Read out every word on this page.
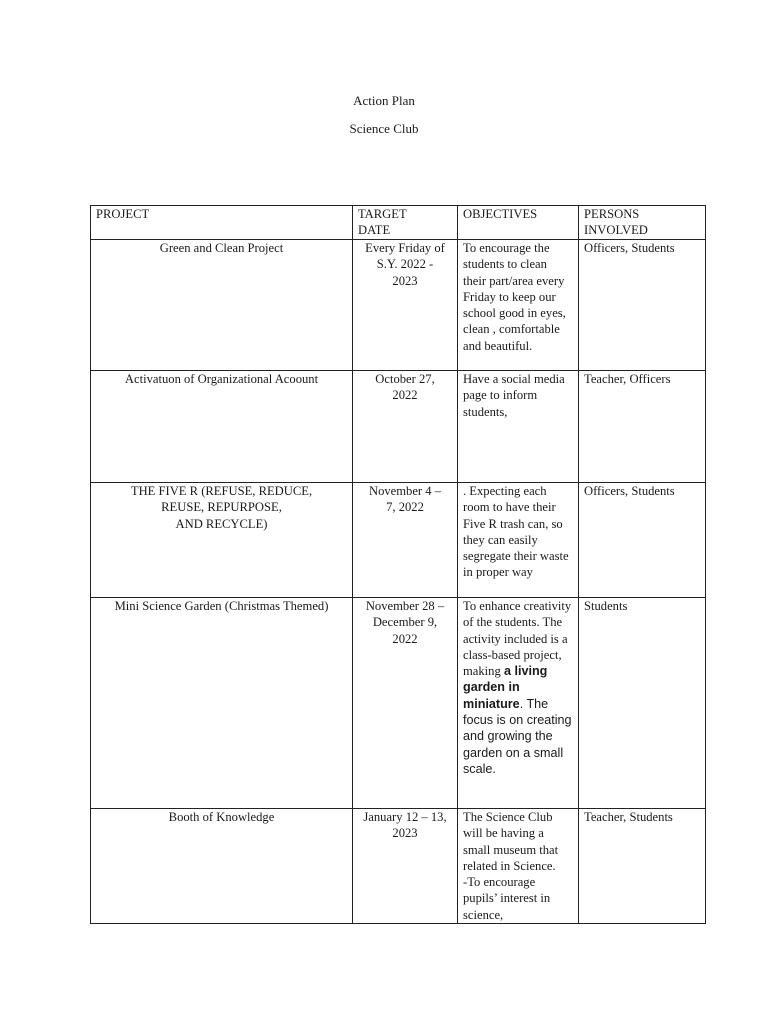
Action Plan
Science Club
PROJECT	TARGET
DATE	OBJECTIVES	PERSONS
INVOLVED
Green and Clean Project	Every Friday of
S.Y. 2022 -
2023	To encourage the students to clean their part/area every Friday to keep our school good in eyes, clean , comfortable and beautiful.	Officers, Students
Activatuon of Organizational Acoount	October 27,
2022	Have a social media page to inform students,	Teacher, Officers
THE FIVE R (REFUSE, REDUCE,
REUSE, REPURPOSE,
AND RECYCLE)	November 4 –
7, 2022	. Expecting each room to have their Five R trash can, so they can easily segregate their waste in proper way	Officers, Students
Mini Science Garden (Christmas Themed)	November 28 –
December 9,
2022	To enhance creativity of the students. The activity included is a class-based project, making a living garden in miniature. The focus is on creating and growing the garden on a small scale.	Students
Booth of Knowledge	January 12 – 13,
2023	The Science Club will be having a small museum that related in Science.
-To encourage pupils’ interest in science,	Teacher, Students
